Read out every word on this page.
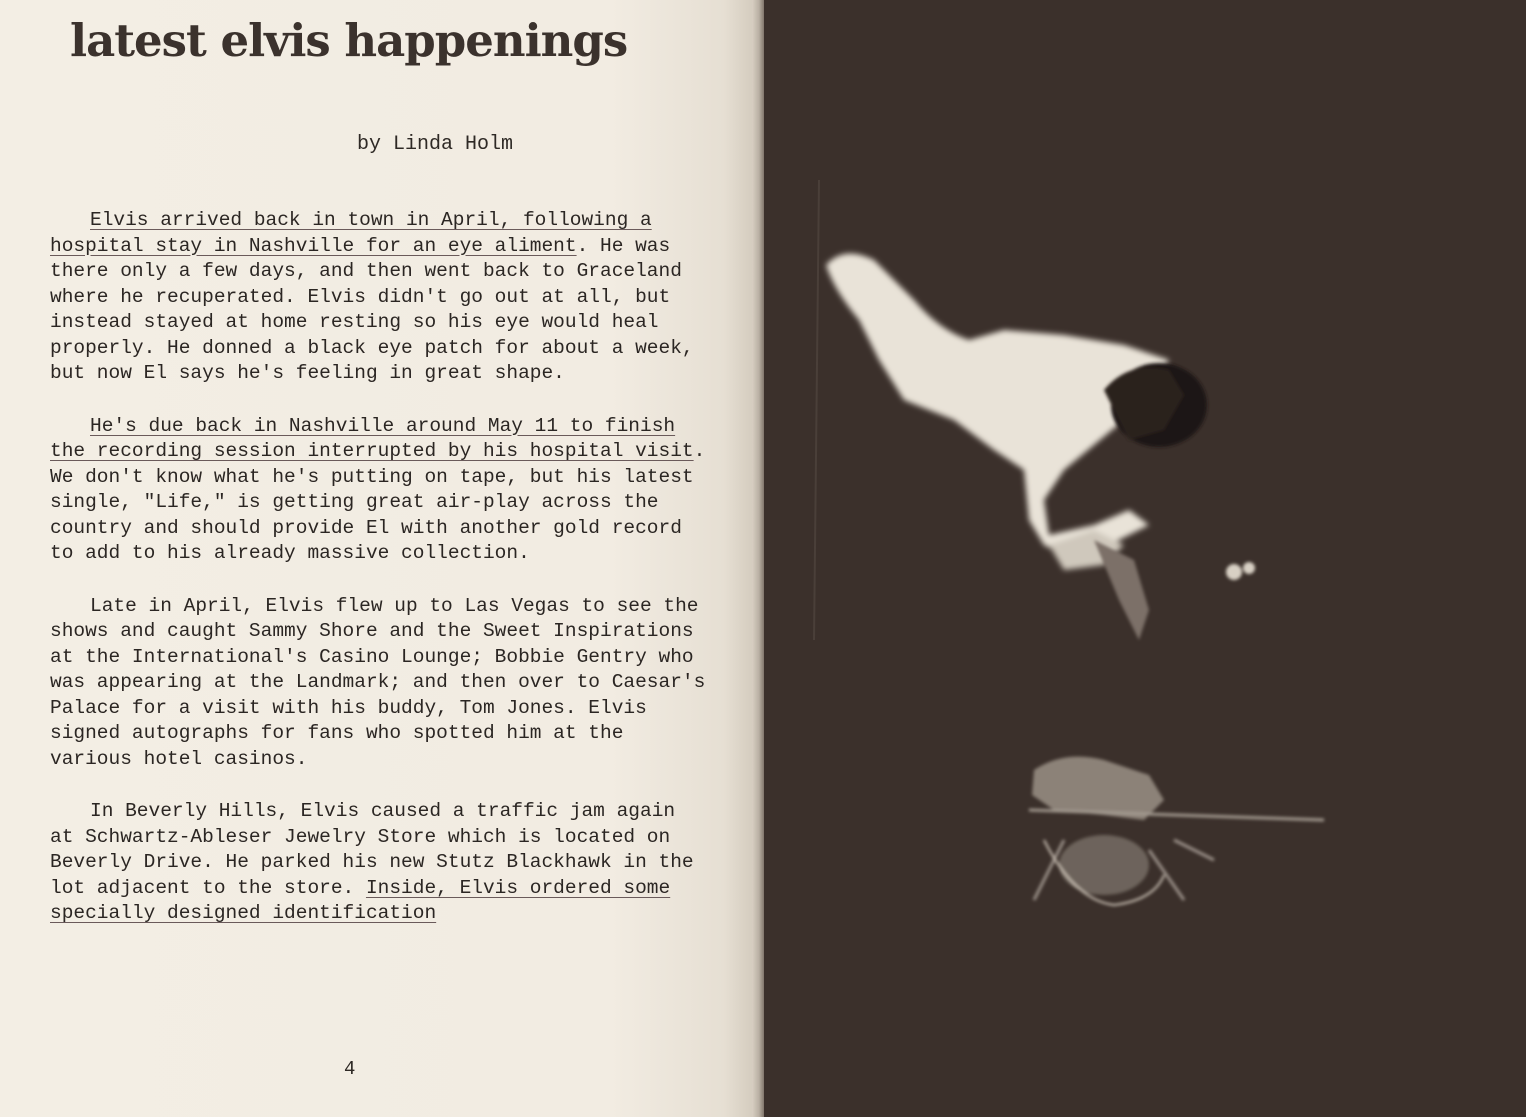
latest elvis happenings
by Linda Holm

Elvis arrived back in town in April, following a hospital stay in Nashville for an eye aliment. He was there only a few days, and then went back to Graceland where he recuperated. Elvis didn't go out at all, but instead stayed at home resting so his eye would heal properly. He donned a black eye patch for about a week, but now El says he's feeling in great shape.

He's due back in Nashville around May 11 to finish the recording session interrupted by his hospital visit. We don't know what he's putting on tape, but his latest single, "Life," is getting great air-play across the country and should provide El with another gold record to add to his already massive collection.

Late in April, Elvis flew up to Las Vegas to see the shows and caught Sammy Shore and the Sweet Inspirations at the International's Casino Lounge; Bobbie Gentry who was appearing at the Landmark; and then over to Caesar's Palace for a visit with his buddy, Tom Jones. Elvis signed autographs for fans who spotted him at the various hotel casinos.

In Beverly Hills, Elvis caused a traffic jam again at Schwartz-Ableser Jewelry Store which is located on Beverly Drive. He parked his new Stutz Blackhawk in the lot adjacent to the store. Inside, Elvis ordered some specially designed identification

4
